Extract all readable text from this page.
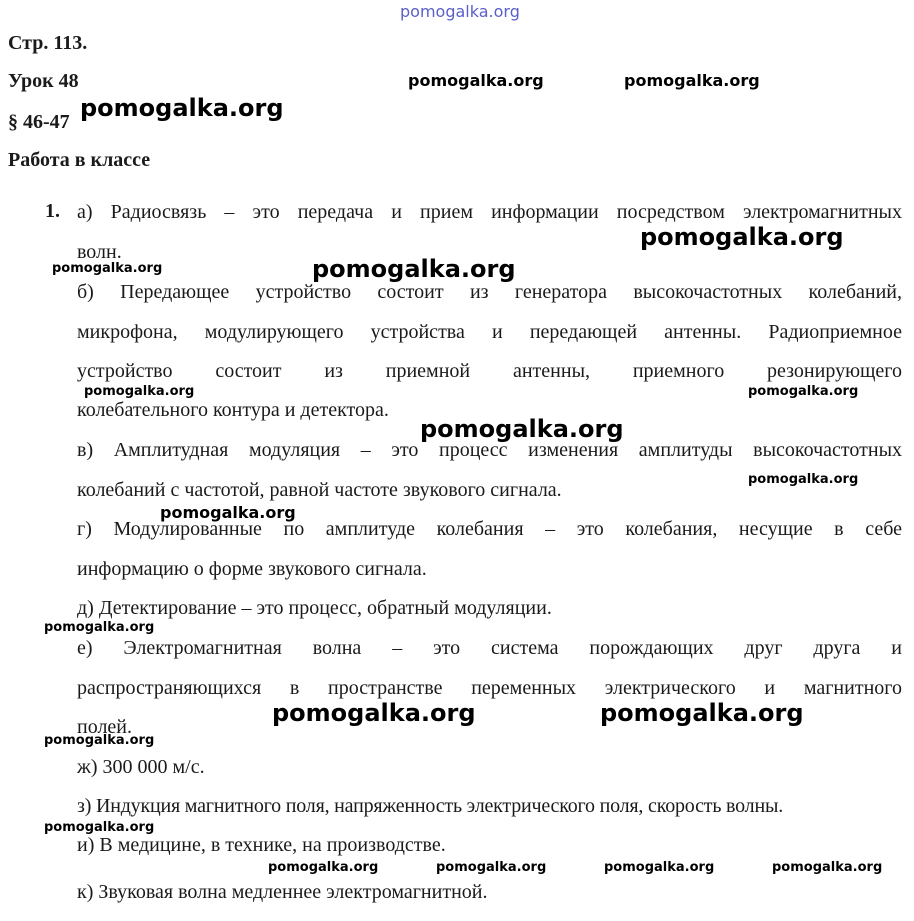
pomogalka.org
Стр. 113.
Урок 48
§ 46-47
Работа в классе
1. а) Радиосвязь – это передача и прием информации посредством электромагнитных
волн.
б) Передающее устройство состоит из генератора высокочастотных колебаний,
микрофона, модулирующего устройства и передающей антенны. Радиоприемное
устройство состоит из приемной антенны, приемного резонирующего
колебательного контура и детектора.
в) Амплитудная модуляция – это процесс изменения амплитуды высокочастотных
колебаний с частотой, равной частоте звукового сигнала.
г) Модулированные по амплитуде колебания – это колебания, несущие в себе
информацию о форме звукового сигнала.
д) Детектирование – это процесс, обратный модуляции.
е) Электромагнитная волна – это система порождающих друг друга и
распространяющихся в пространстве переменных электрического и магнитного
полей.
ж) 300 000 м/с.
з) Индукция магнитного поля, напряженность электрического поля, скорость волны.
и) В медицине, в технике, на производстве.
к) Звуковая волна медленнее электромагнитной.
pomogalka.org	pomogalka.org
pomogalka.org
pomogalka.org
pomogalka.org	pomogalka.org
pomogalka.org	pomogalka.org
pomogalka.org
pomogalka.org
pomogalka.org
pomogalka.org
pomogalka.org	pomogalka.org
pomogalka.org
pomogalka.org
pomogalka.org	pomogalka.org	pomogalka.org	pomogalka.org
